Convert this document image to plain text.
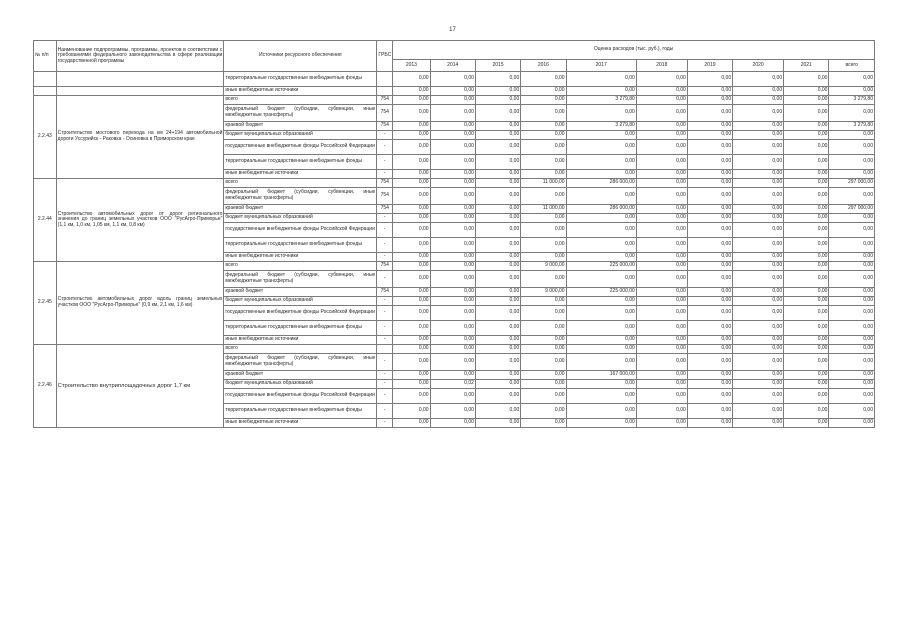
17
№ п/п	Наименование подпрограммы, программы, проектов в соответствии с требованиями федерального законодательства в сфере реализации государственной программы	Источники ресурсного обеспечения	ГРБС	Оценка расходов (тыс. руб.), годы									
				2013	2014	2015	2016	2017	2018	2019	2020	2021	всего
		территориальные государственные внебюджетные фонды		0,00	0,00	0,00	0,00	0,00	0,00	0,00	0,00	0,00	0,00
		иные внебюджетные источники		0,00	0,00	0,00	0,00	0,00	0,00	0,00	0,00	0,00	0,00
2.2.43	Строительство мостового перехода на км 24+194 автомобильной дороги Уссурийск - Раковка - Осиновка в Приморском крае	всего	754	0,00	0,00	0,00	0,00	3 279,80	0,00	0,00	0,00	0,00	3 279,80
		федеральный бюджет (субсидии, субвенции, иные межбюджетные трансферты)	754	0,00	0,00	0,00	0,00	0,00	0,00	0,00	0,00	0,00	0,00
		краевой бюджет	754	0,00	0,00	0,00	0,00	3 279,80	0,00	0,00	0,00	0,00	3 279,80
		бюджет муниципальных образований	-	0,00	0,00	0,00	0,00	0,00	0,00	0,00	0,00	0,00	0,00
		государственные внебюджетные фонды Российской Федерации	-	0,00	0,00	0,00	0,00	0,00	0,00	0,00	0,00	0,00	0,00
		территориальные государственные внебюджетные фонды	-	0,00	0,00	0,00	0,00	0,00	0,00	0,00	0,00	0,00	0,00
		иные внебюджетные источники	-	0,00	0,00	0,00	0,00	0,00	0,00	0,00	0,00	0,00	0,00
2.2.44	Строительство автомобильных дорог от дорог регионального значения до границ земельных участков ООО "РусАгро-Приморье" (1,1 км, 1,0 км, 1,05 км, 1,1 км, 0,8 км)	всего	754	0,00	0,00	0,00	11 000,00	286 000,00	0,00	0,00	0,00	0,00	297 000,00
		федеральный бюджет (субсидии, субвенции, иные межбюджетные трансферты)	754	0,00	0,00	0,00	0,00	0,00	0,00	0,00	0,00	0,00	0,00
		краевой бюджет	754	0,00	0,00	0,00	11 000,00	286 000,00	0,00	0,00	0,00	0,00	297 000,00
		бюджет муниципальных образований	-	0,00	0,00	0,00	0,00	0,00	0,00	0,00	0,00	0,00	0,00
		государственные внебюджетные фонды Российской Федерации	-	0,00	0,00	0,00	0,00	0,00	0,00	0,00	0,00	0,00	0,00
		территориальные государственные внебюджетные фонды	-	0,00	0,00	0,00	0,00	0,00	0,00	0,00	0,00	0,00	0,00
		иные внебюджетные источники	-	0,00	0,00	0,00	0,00	0,00	0,00	0,00	0,00	0,00	0,00
2.2.45	Строительство автомобильных дорог вдоль границ земельных участков ООО "РусАгро-Приморье" (0,9 км, 2,1 км, 1,6 км)	всего	754	0,00	0,00	0,00	9 000,00	225 000,00	0,00	0,00	0,00	0,00	0,00
		федеральный бюджет (субсидии, субвенции, иные межбюджетные трансферты)	-	0,00	0,00	0,00	0,00	0,00	0,00	0,00	0,00	0,00	0,00
		краевой бюджет	754	0,00	0,00	0,00	9 000,00	225 000,00	0,00	0,00	0,00	0,00	0,00
		бюджет муниципальных образований	-	0,00	0,00	0,00	0,00	0,00	0,00	0,00	0,00	0,00	0,00
		государственные внебюджетные фонды Российской Федерации	-	0,00	0,00	0,00	0,00	0,00	0,00	0,00	0,00	0,00	0,00
		территориальные государственные внебюджетные фонды	-	0,00	0,00	0,00	0,00	0,00	0,00	0,00	0,00	0,00	0,00
		иные внебюджетные источники	-	0,00	0,00	0,00	0,00	0,00	0,00	0,00	0,00	0,00	0,00
2.2.46	Строительство внутриплощадочных дорог 1,7 км	всего		0,00	0,00	0,00	0,00	0,00	0,00	0,00	0,00	0,00	0,00
		федеральный бюджет (субсидии, субвенции, иные межбюджетные трансферты)	-	0,00	0,00	0,00	0,00	0,00	0,00	0,00	0,00	0,00	0,00
		краевой бюджет	-	0,00	0,00	0,00	0,00	167 000,00	0,00	0,00	0,00	0,00	0,00
		бюджет муниципальных образований	-	0,00	0,02	0,00	0,00	0,00	0,00	0,00	0,00	0,00	0,00
		государственные внебюджетные фонды Российской Федерации	-	0,00	0,00	0,00	0,00	0,00	0,00	0,00	0,00	0,00	0,00
		территориальные государственные внебюджетные фонды	-	0,00	0,00	0,00	0,00	0,00	0,00	0,00	0,00	0,00	0,00
		иные внебюджетные источники	-	0,00	0,00	0,00	0,00	0,00	0,00	0,00	0,00	0,00	0,00
